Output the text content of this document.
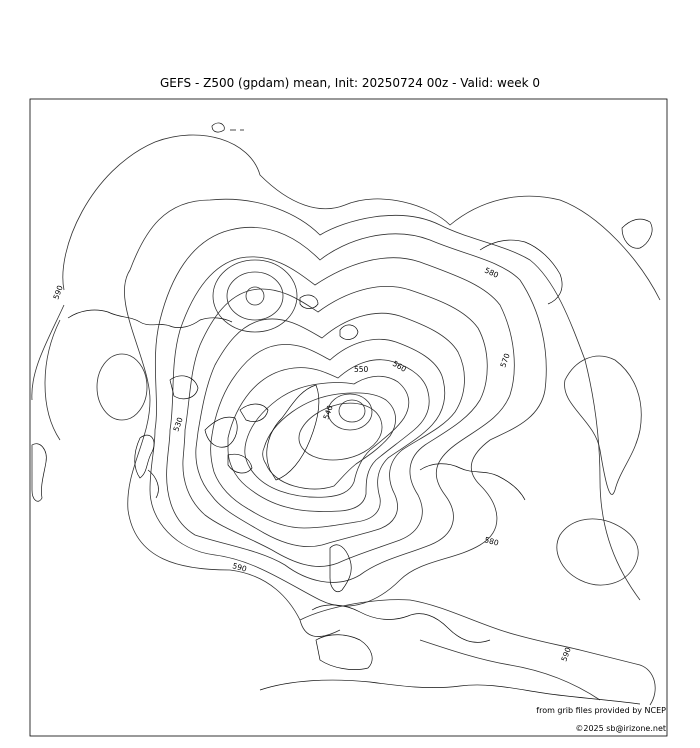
GEFS - Z500 (gpdam) mean, Init: 20250724 00z - Valid: week 0
590
580
570
560
550
540
530
580
590
590
from grib files provided by NCEP
©2025 sb@irizone.net
